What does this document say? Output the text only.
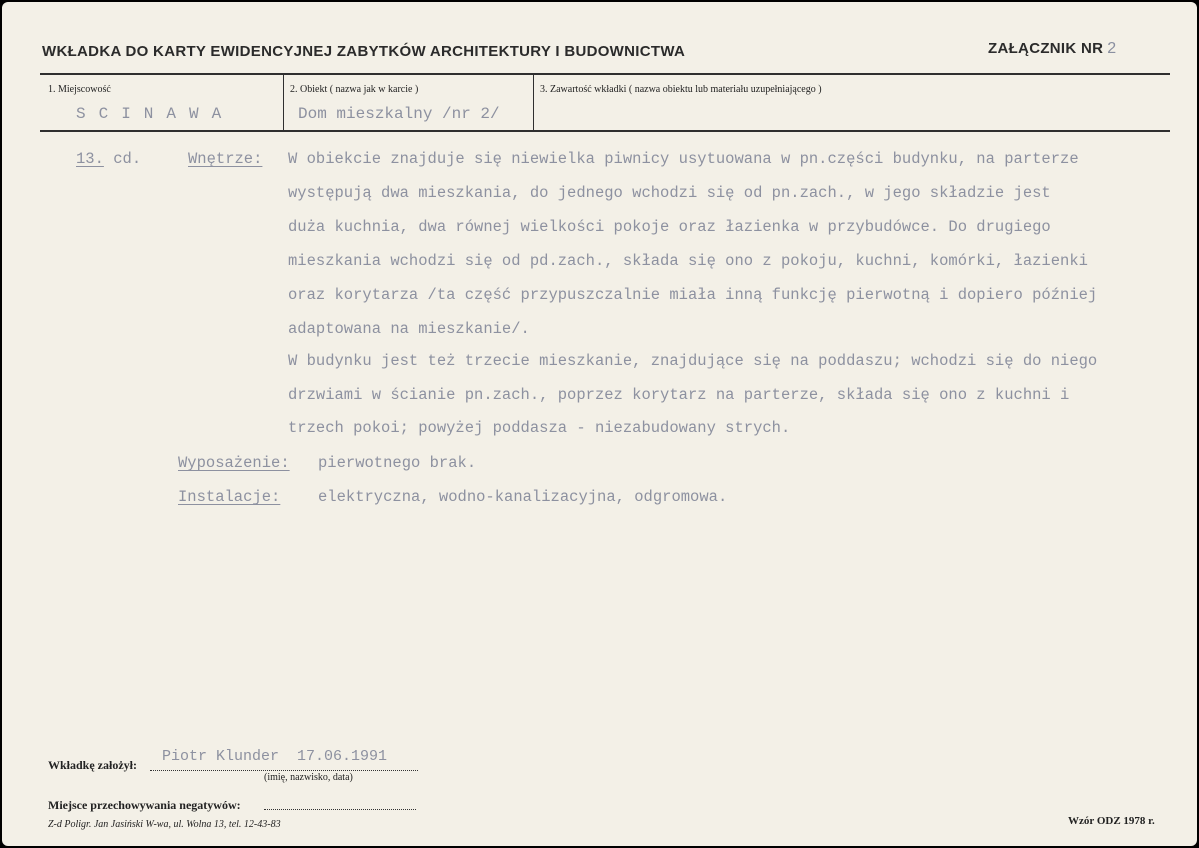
WKŁADKA DO KARTY EWIDENCYJNEJ ZABYTKÓW ARCHITEKTURY I BUDOWNICTWA	ZAŁĄCZNIK NR 2
1. Miejscowość
SCINAWA
2. Obiekt ( nazwa jak w karcie )
Dom mieszkalny /nr 2/
3. Zawartość wkładki ( nazwa obiektu lub materiału uzupełniającego )
13. cd.	Wnętrze: W obiekcie znajduje się niewielka piwnicy usytuowana w pn.części budynku, na parterze
występują dwa mieszkania, do jednego wchodzi się od pn.zach., w jego składzie jest
duża kuchnia, dwa równej wielkości pokoje oraz łazienka w przybudówce. Do drugiego
mieszkania wchodzi się od pd.zach., składa się ono z pokoju, kuchni, komórki, łazienki
oraz korytarza /ta część przypuszczalnie miała inną funkcję pierwotną i dopiero później
adaptowana na mieszkanie/.
W budynku jest też trzecie mieszkanie, znajdujące się na poddaszu; wchodzi się do niego
drzwiami w ścianie pn.zach., poprzez korytarz na parterze, składa się ono z kuchni i
trzech pokoi; powyżej poddasza - niezabudowany strych.
Wyposażenie: pierwotnego brak.
Instalacje: elektryczna, wodno-kanalizacyjna, odgromowa.
Wkładkę założył: Piotr Klunder  17.06.1991
(imię, nazwisko, data)
Miejsce przechowywania negatywów:
Z-d Poligr. Jan Jasiński W-wa, ul. Wolna 13, tel. 12-43-83	Wzór ODZ 1978 r.
